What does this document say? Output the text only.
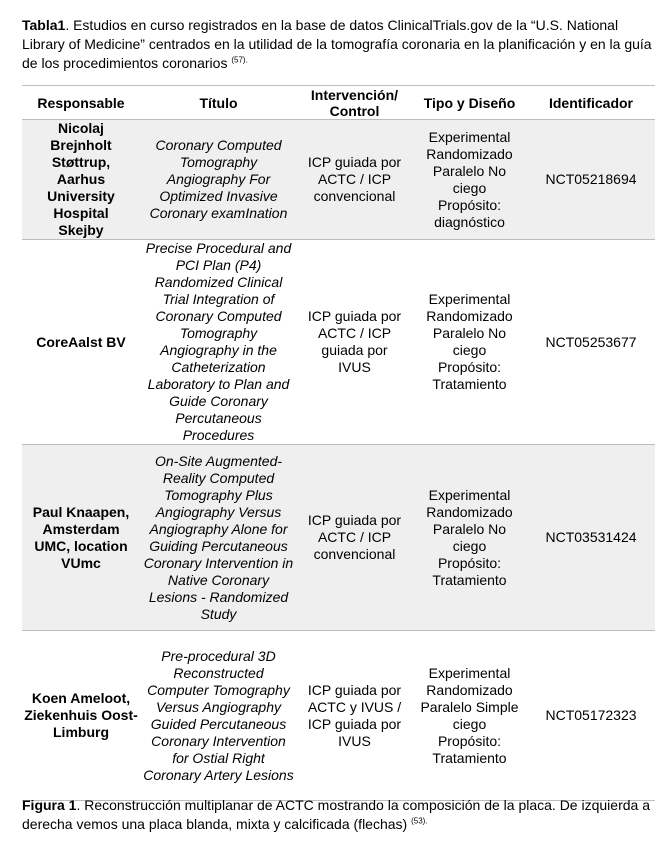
Tabla1. Estudios en curso registrados en la base de datos ClinicalTrials.gov de la “U.S. National Library of Medicine” centrados en la utilidad de la tomografía coronaria en la planificación y en la guía de los procedimientos coronarios $^{(57).}$
Responsable	Título	Intervención/ Control	Tipo y Diseño	Identificador
Nicolaj Brejnholt Støttrup, Aarhus University Hospital Skejby	Coronary Computed Tomography Angiography For Optimized Invasive Coronary examInation	ICP guiada por ACTC / ICP convencional	Experimental Randomizado Paralelo No ciego Propósito: diagnóstico	NCT05218694
CoreAalst BV	Precise Procedural and PCI Plan (P4) Randomized Clinical Trial Integration of Coronary Computed Tomography Angiography in the Catheterization Laboratory to Plan and Guide Coronary Percutaneous Procedures	ICP guiada por ACTC / ICP guiada por IVUS	Experimental Randomizado Paralelo No ciego Propósito: Tratamiento	NCT05253677
Paul Knaapen, Amsterdam UMC, location VUmc	On-Site Augmented-Reality Computed Tomography Plus Angiography Versus Angiography Alone for Guiding Percutaneous Coronary Intervention in Native Coronary Lesions - Randomized Study	ICP guiada por ACTC / ICP convencional	Experimental Randomizado Paralelo No ciego Propósito: Tratamiento	NCT03531424
Koen Ameloot, Ziekenhuis Oost-Limburg	Pre-procedural 3D Reconstructed Computer Tomography Versus Angiography Guided Percutaneous Coronary Intervention for Ostial Right Coronary Artery Lesions	ICP guiada por ACTC y IVUS / ICP guiada por IVUS	Experimental Randomizado Paralelo Simple ciego Propósito: Tratamiento	NCT05172323
Figura 1. Reconstrucción multiplanar de ACTC mostrando la composición de la placa. De izquierda a derecha vemos una placa blanda, mixta y calcificada (flechas) $^{(53).}$
